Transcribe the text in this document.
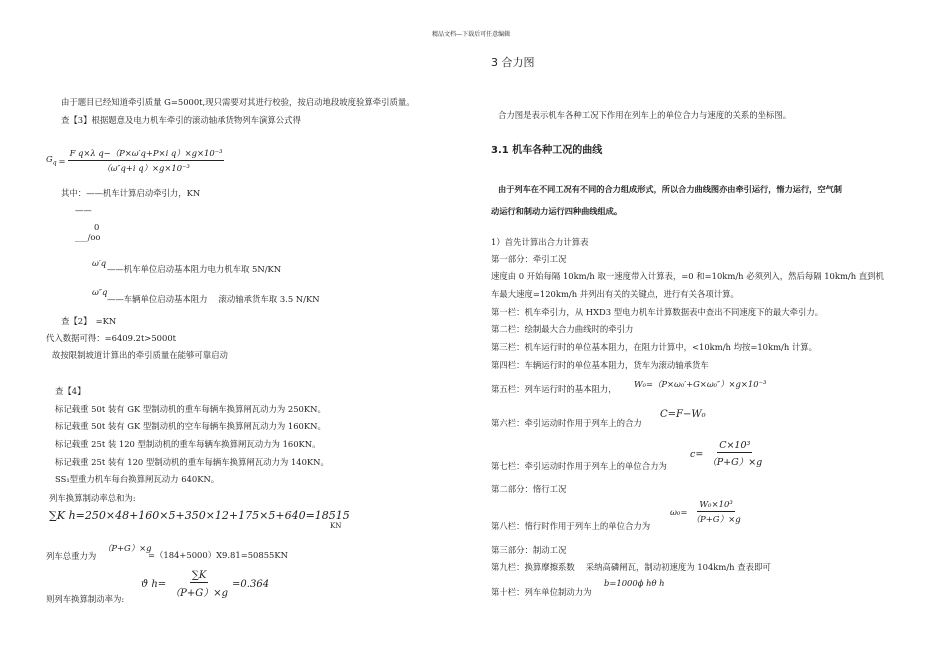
精品文档---下载后可任意编辑
由于题目已经知道牵引质量 G=5000t,现只需要对其进行校验，按启动地段坡度验算牵引质量。
查【3】根据题意及电力机车牵引的滚动轴承货物列车演算公式得
$G_q = \frac{\text{F q×λ q−（P×ω′q+P×i q）×g×10⁻³}}{\text{（ω″q+i q）×g×10⁻³}}$
其中：——机车计算启动牵引力，KN
——
0
___/oo
ω′q
——机车单位启动基本阻力电力机车取 5N/KN
ω″q
——车辆单位启动基本阻力　 滚动轴承货车取 3.5 N/KN
查【2】　=KN
代入数据可得：=6409.2t>5000t
故按限制坡道计算出的牵引质量在能够可靠启动
查【4】
标记载重 50t 装有 GK 型制动机的重车每辆车换算闸瓦动力为 250KN。
标记载重 50t 装有 GK 型制动机的空车每辆车换算闸瓦动力为 160KN。
标记载重 25t 装 120 型制动机的重车每辆车换算闸瓦动力为 160KN。
标记载重 25t 装有 120 型制动机的重车每辆车换算闸瓦动力为 140KN。
SS₁型重力机车每台换算闸瓦动力 640KN。
列车换算制动率总和为:
∑K h=250×48+160×5+350×12+175×5+640=18515
KN
列车总重力为
（P+G）×g
=（184+5000）X9.81=50855KN
ϑ $h= \frac{\sum K}{(P+G)\times g} =0.364$
则列车换算制动率为:
3 合力图
合力图是表示机车各种工况下作用在列车上的单位合力与速度的关系的坐标图。
3.1 机车各种工况的曲线
由于列车在不同工况有不同的合力组成形式，所以合力曲线图亦由牵引运行，惰力运行，空气制
动运行和制动力运行四种曲线组成。
1）首先计算出合力计算表
第一部分：牵引工况
速度由 0 开始每隔 10km/h 取一速度带入计算表，=0 和=10km/h 必须列入，然后每隔 10km/h 直到机
车最大速度=120km/h 并列出有关的关键点，进行有关各项计算。
第一栏：机车牵引力，从 HXD3 型电力机车计算数据表中查出不同速度下的最大牵引力。
第二栏：绘制最大合力曲线时的牵引力
第三栏：机车运行时的单位基本阻力，在阻力计算中，<10km/h 均按=10km/h 计算。
第四栏：车辆运行时的单位基本阻力，货车为滚动轴承货车
第五栏：列车运行时的基本阻力， W₀=（P×ω₀′+G×ω₀″）×g×10⁻³
C=F−W₀
第六栏：牵引运动时作用于列车上的合力
$c= \frac{\text{C×10³}}{(P+G)\times g}$
第七栏：牵引运动时作用于列车上的单位合力为
第二部分：惰行工况
$\omega_0= \frac{\text{W₀×10³}}{(P+G)\times g}$
第八栏：惰行时作用于列车上的单位合力为
第三部分：制动工况
第九栏：换算摩擦系数　 采纳高磷闸瓦，制动初速度为 104km/h 查表即可
b=1000ϕ hθ h
第十栏：列车单位制动力为
